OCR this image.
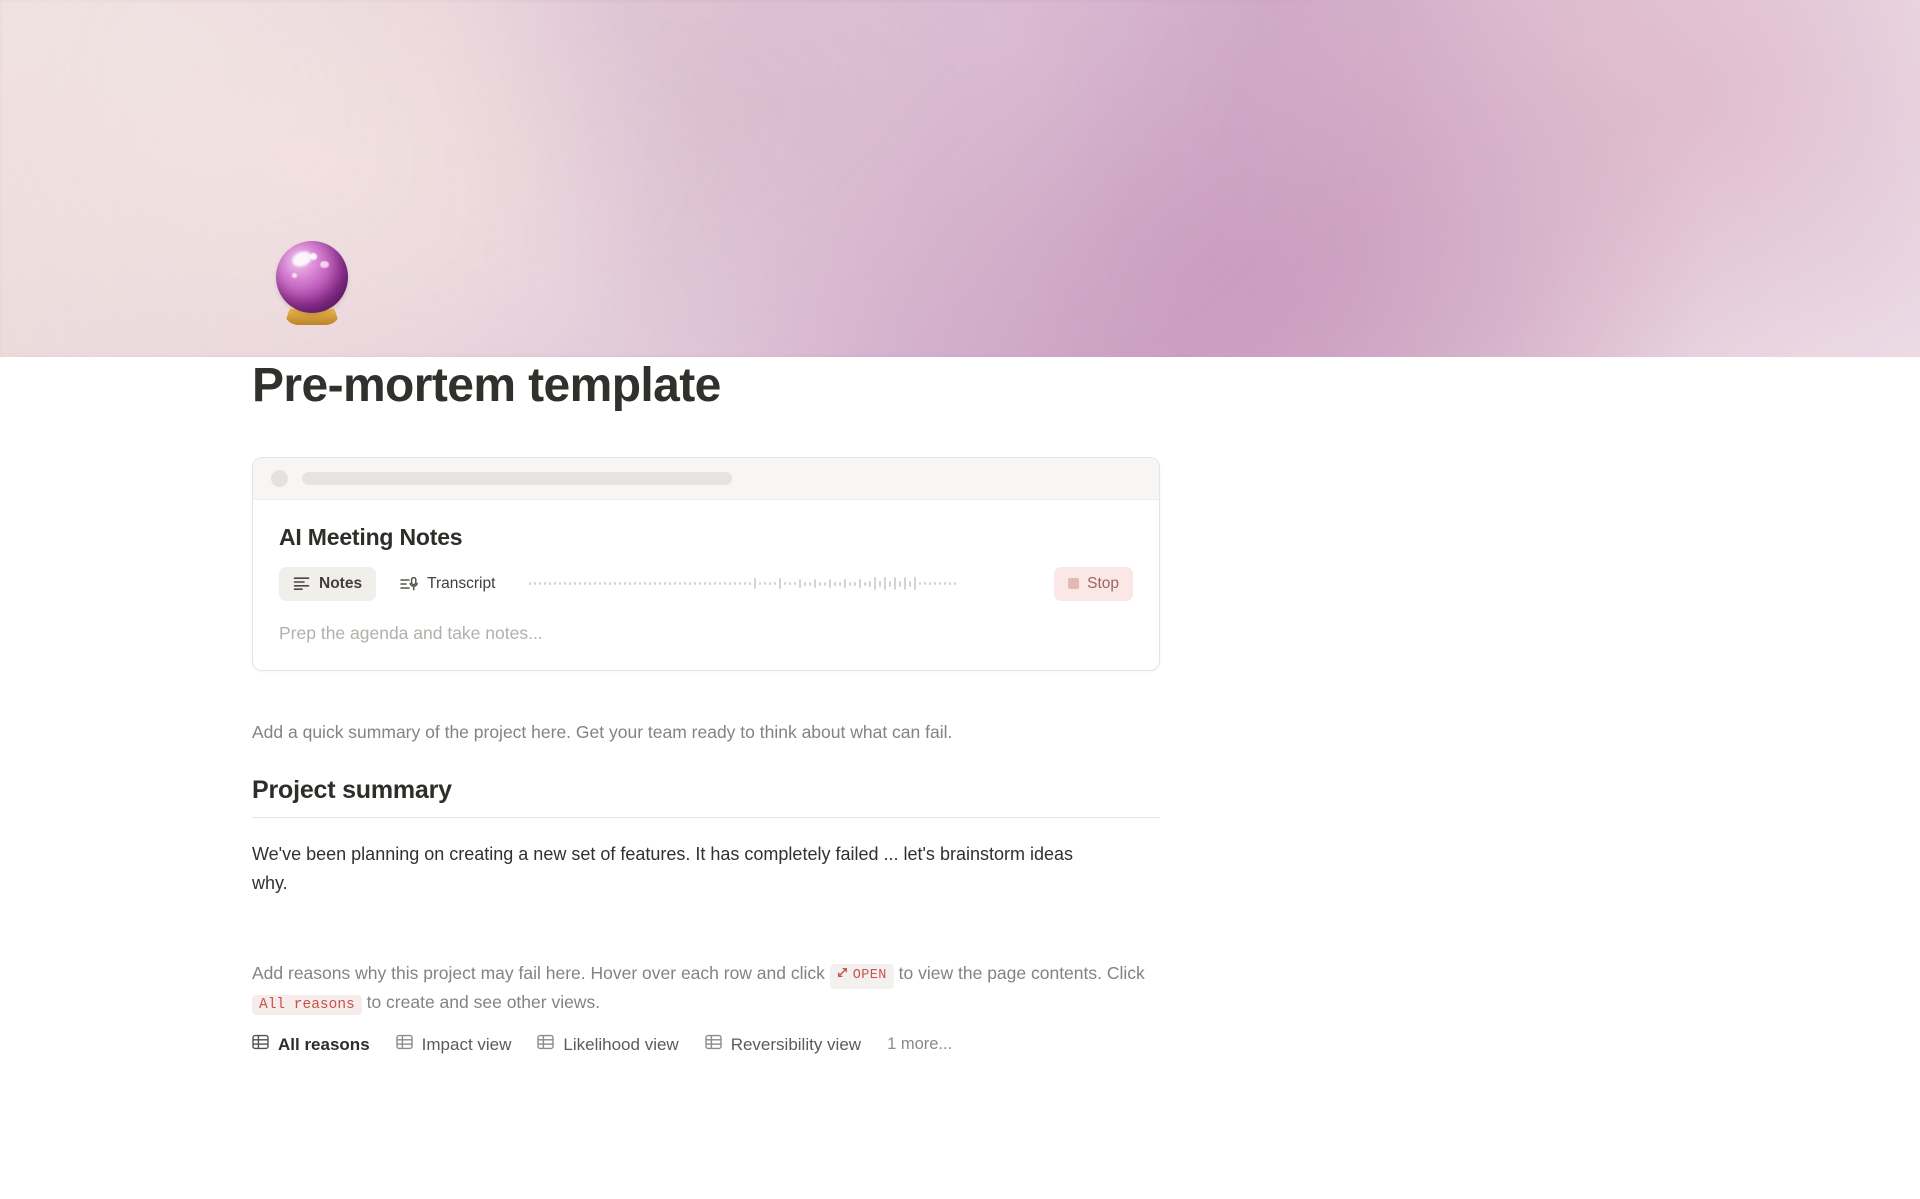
Pre-mortem template
AI Meeting Notes
Notes	Transcript	Stop
Prep the agenda and take notes...

Add a quick summary of the project here. Get your team ready to think about what can fail.

Project summary

We've been planning on creating a new set of features. It has completely failed ... let's brainstorm ideas why.

Add reasons why this project may fail here. Hover over each row and click OPEN to view the page contents. Click All reasons to create and see other views.

All reasons	Impact view	Likelihood view	Reversibility view 1 more...
